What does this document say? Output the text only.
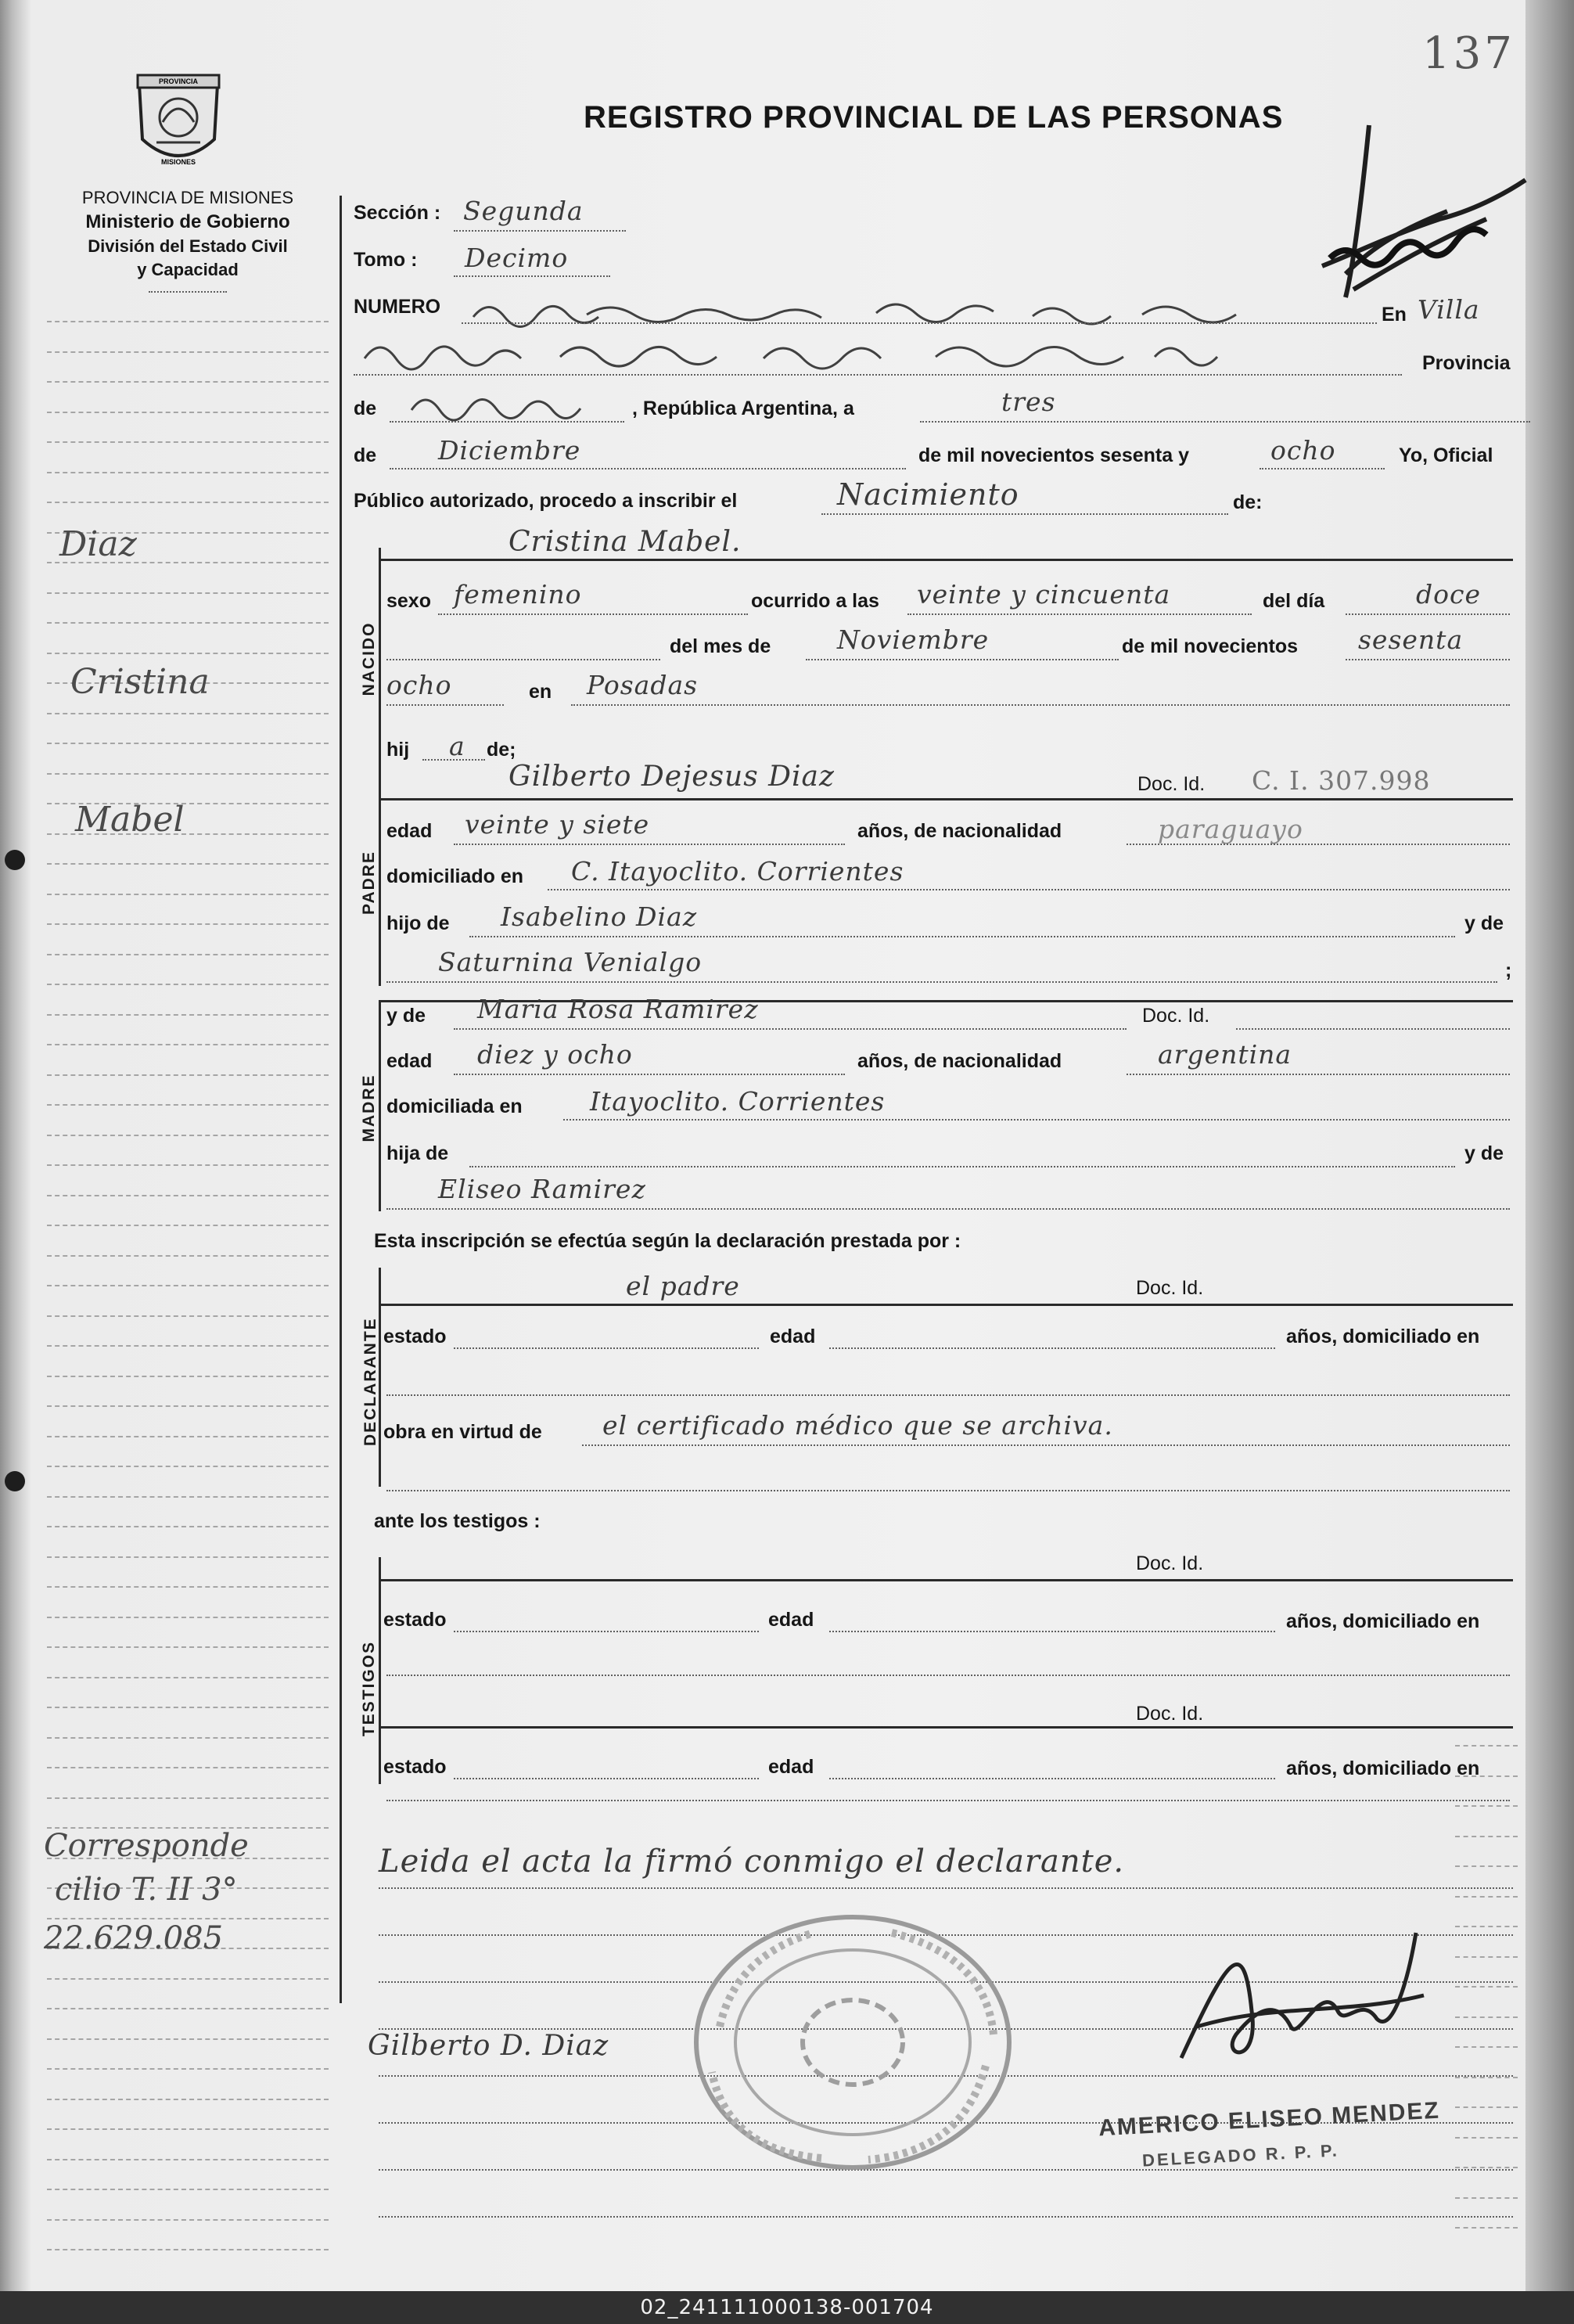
137
PROVINCIA
MISIONES
PROVINCIA DE MISIONES
Ministerio de Gobierno
División del Estado Civil
y Capacidad
REGISTRO PROVINCIAL DE LAS PERSONAS
Diaz
Cristina
Mabel
Corresponde
cilio T. II 3°
22.629.085
Sección : Segunda
Tomo : Decimo
NUMERO	En Villa
Provincia
de	, República Argentina, a	tres
de Diciembre	de mil novecientos sesenta y	ocho	Yo, Oficial
Público autorizado, procedo a inscribir el	Nacimiento	de:
Cristina Mabel.
NACIDO
sexo femenino	ocurrido a las veinte y cincuenta	del día	doce
del mes de	Noviembre	de mil novecientos sesenta
ocho	en Posadas
hij a de;
PADRE
Gilberto Dejesus Diaz	Doc. Id. C. I. 307.998
edad veinte y siete	años, de nacionalidad	paraguayo
domiciliado en C. Itayoclito. Corrientes
hijo de Isabelino Diaz	y de
Saturnina Venialgo	;
MADRE
y de Maria Rosa Ramirez	Doc. Id.
edad diez y ocho	años, de nacionalidad	argentina
domiciliada en	Itayoclito. Corrientes
hija de	y de
Eliseo Ramirez
Esta inscripción se efectúa según la declaración prestada por :
DECLARANTE
el padre	Doc. Id.
estado	edad	años, domiciliado en
obra en virtud de el certificado médico que se archiva.
ante los testigos :
TESTIGOS
Doc. Id.
estado	edad	años, domiciliado en
Doc. Id.
estado	edad	años, domiciliado en
Leida el acta la firmó conmigo el declarante.
Gilberto D. Diaz
AMERICO ELISEO MENDEZ
DELEGADO R. P. P.
02_241111000138-001704
